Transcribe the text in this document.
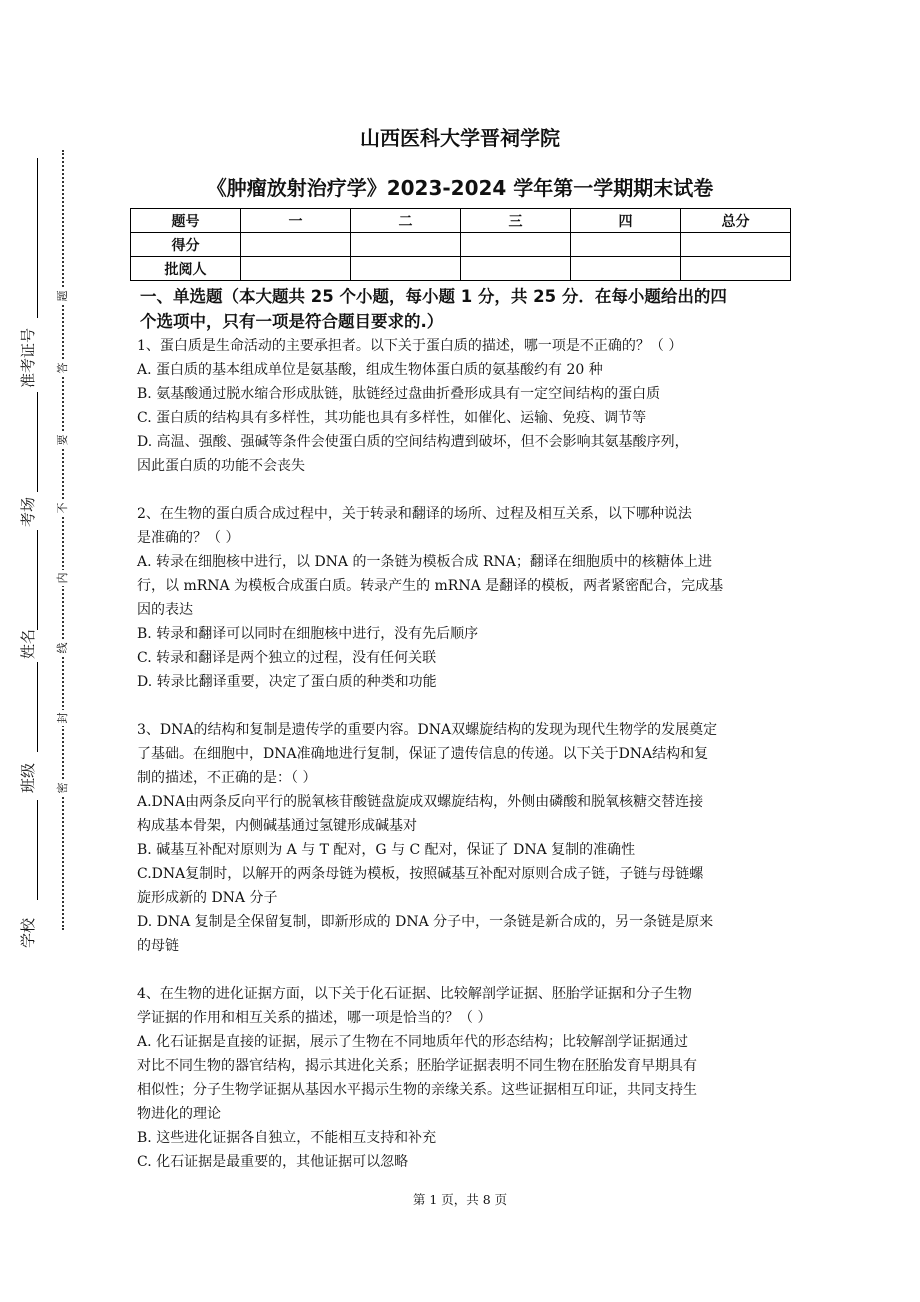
题
答
要
不
内
线
封
密
准考证号
考场
姓名
班级
学校
山西医科大学晋祠学院
《肿瘤放射治疗学》2023-2024 学年第一学期期末试卷
题号	一	二	三	四	总分
得分					
批阅人					
一、单选题（本大题共 25 个小题，每小题 1 分，共 25 分．在每小题给出的四
个选项中，只有一项是符合题目要求的.）

1、蛋白质是生命活动的主要承担者。以下关于蛋白质的描述，哪一项是不正确的？（ ）

A. 蛋白质的基本组成单位是氨基酸，组成生物体蛋白质的氨基酸约有 20 种

B. 氨基酸通过脱水缩合形成肽链，肽链经过盘曲折叠形成具有一定空间结构的蛋白质

C. 蛋白质的结构具有多样性，其功能也具有多样性，如催化、运输、免疫、调节等

D. 高温、强酸、强碱等条件会使蛋白质的空间结构遭到破坏，但不会影响其氨基酸序列，

因此蛋白质的功能不会丧失

2、在生物的蛋白质合成过程中，关于转录和翻译的场所、过程及相互关系，以下哪种说法

是准确的？（ ）

A. 转录在细胞核中进行，以 DNA 的一条链为模板合成 RNA；翻译在细胞质中的核糖体上进

行，以 mRNA 为模板合成蛋白质。转录产生的 mRNA 是翻译的模板，两者紧密配合，完成基

因的表达

B. 转录和翻译可以同时在细胞核中进行，没有先后顺序

C. 转录和翻译是两个独立的过程，没有任何关联

D. 转录比翻译重要，决定了蛋白质的种类和功能

3、DNA的结构和复制是遗传学的重要内容。DNA双螺旋结构的发现为现代生物学的发展奠定

了基础。在细胞中，DNA准确地进行复制，保证了遗传信息的传递。以下关于DNA结构和复

制的描述，不正确的是：（ ）

A.DNA由两条反向平行的脱氧核苷酸链盘旋成双螺旋结构，外侧由磷酸和脱氧核糖交替连接

构成基本骨架，内侧碱基通过氢键形成碱基对

B. 碱基互补配对原则为 A 与 T 配对，G 与 C 配对，保证了 DNA 复制的准确性

C.DNA复制时，以解开的两条母链为模板，按照碱基互补配对原则合成子链，子链与母链螺

旋形成新的 DNA 分子

D. DNA 复制是全保留复制，即新形成的 DNA 分子中，一条链是新合成的，另一条链是原来

的母链

4、在生物的进化证据方面，以下关于化石证据、比较解剖学证据、胚胎学证据和分子生物

学证据的作用和相互关系的描述，哪一项是恰当的？（ ）

A. 化石证据是直接的证据，展示了生物在不同地质年代的形态结构；比较解剖学证据通过

对比不同生物的器官结构，揭示其进化关系；胚胎学证据表明不同生物在胚胎发育早期具有

相似性；分子生物学证据从基因水平揭示生物的亲缘关系。这些证据相互印证，共同支持生

物进化的理论

B. 这些进化证据各自独立，不能相互支持和补充

C. 化石证据是最重要的，其他证据可以忽略

第 1 页，共 8 页
